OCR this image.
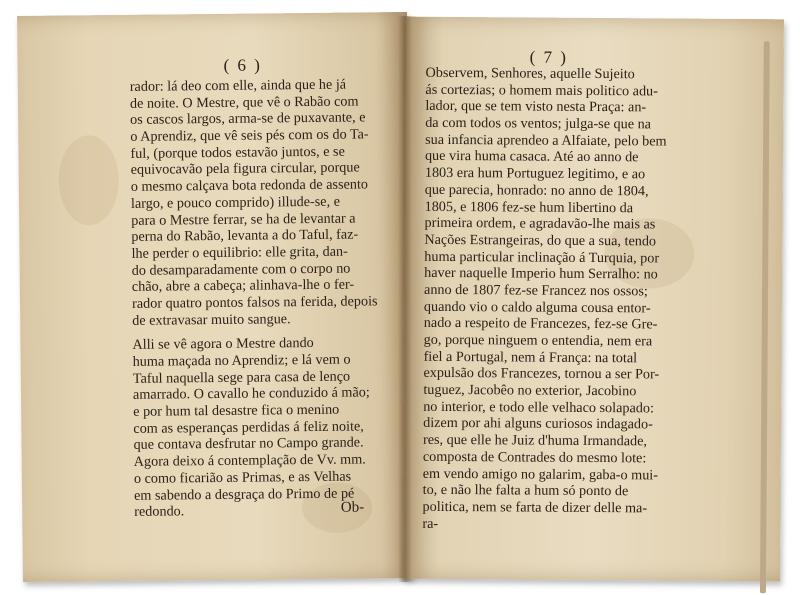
( 6 )
rador: lá deo com elle, ainda que he já
de noite. O Mestre, que vê o Rabão com
os cascos largos, arma-se de puxavante, e
o Aprendiz, que vê seis pés com os do Ta-
ful, (porque todos estavão juntos, e se
equivocavão pela figura circular, porque
o mesmo calçava bota redonda de assento
largo, e pouco comprido) illude-se, e
para o Mestre ferrar, se ha de levantar a
perna do Rabão, levanta a do Taful, faz-
lhe perder o equilibrio: elle grita, dan-
do desamparadamente com o corpo no
chão, abre a cabeça; alinhava-lhe o fer-
rador quatro pontos falsos na ferida, depois
de extravasar muito sangue.
Alli se vê agora o Mestre dando
huma maçada no Aprendiz; e lá vem o
Taful naquella sege para casa de lenço
amarrado. O cavallo he conduzido á mão;
e por hum tal desastre fica o menino
com as esperanças perdidas á feliz noite,
que contava desfrutar no Campo grande.
Agora deixo á contemplação de Vv. mm.
o como ficarião as Primas, e as Velhas
em sabendo a desgraça do Primo de pé
redondo.	Ob-
( 7 )
Observem, Senhores, aquelle Sujeito
ás cortezias; o homem mais politico adu-
lador, que se tem visto nesta Praça: an-
da com todos os ventos; julga-se que na
sua infancia aprendeo a Alfaiate, pelo bem
que vira huma casaca. Até ao anno de
1803 era hum Portuguez legitimo, e ao
que parecia, honrado: no anno de 1804,
1805, e 1806 fez-se hum libertino da
primeira ordem, e agradavão-lhe mais as
Nações Estrangeiras, do que a sua, tendo
huma particular inclinação á Turquia, por
haver naquelle Imperio hum Serralho: no
anno de 1807 fez-se Francez nos ossos;
quando vio o caldo alguma cousa entor-
nado a respeito de Francezes, fez-se Gre-
go, porque ninguem o entendia, nem era
fiel a Portugal, nem á França: na total
expulsão dos Francezes, tornou a ser Por-
tuguez, Jacobêo no exterior, Jacobino
no interior, e todo elle velhaco solapado:
dizem por ahi alguns curiosos indagado-
res, que elle he Juiz d'huma Irmandade,
composta de Contrades do mesmo lote:
em vendo amigo no galarim, gaba-o mui-
to, e não lhe falta a hum só ponto de
politica, nem se farta de dizer delle ma-
ra-
